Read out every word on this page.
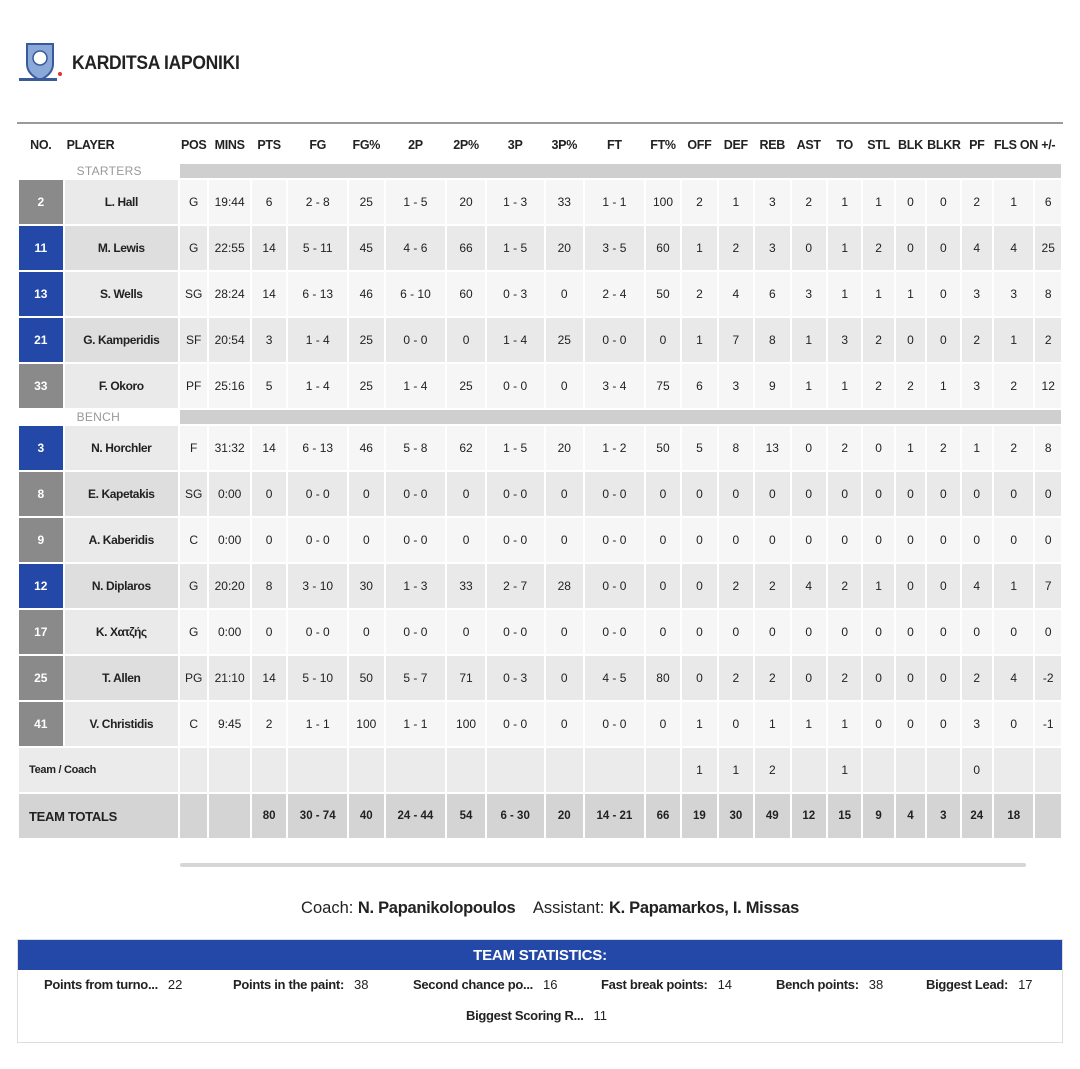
KARDITSA IAPONIKI
NO.	PLAYER	POS	MINS	PTS	FG	FG%	2P	2P%	3P	3P%	FT	FT%	OFF	DEF	REB	AST	TO	STL	BLK	BLKR	PF	FLS ON	+/-
	STARTERS																						
2	L. Hall	G	19:44	6	2 - 8	25	1 - 5	20	1 - 3	33	1 - 1	100	2	1	3	2	1	1	0	0	2	1	6
11	M. Lewis	G	22:55	14	5 - 11	45	4 - 6	66	1 - 5	20	3 - 5	60	1	2	3	0	1	2	0	0	4	4	25
13	S. Wells	SG	28:24	14	6 - 13	46	6 - 10	60	0 - 3	0	2 - 4	50	2	4	6	3	1	1	1	0	3	3	8
21	G. Kamperidis	SF	20:54	3	1 - 4	25	0 - 0	0	1 - 4	25	0 - 0	0	1	7	8	1	3	2	0	0	2	1	2
33	F. Okoro	PF	25:16	5	1 - 4	25	1 - 4	25	0 - 0	0	3 - 4	75	6	3	9	1	1	2	2	1	3	2	12
	BENCH																						
3	N. Horchler	F	31:32	14	6 - 13	46	5 - 8	62	1 - 5	20	1 - 2	50	5	8	13	0	2	0	1	2	1	2	8
8	E. Kapetakis	SG	0:00	0	0 - 0	0	0 - 0	0	0 - 0	0	0 - 0	0	0	0	0	0	0	0	0	0	0	0	0
9	A. Kaberidis	C	0:00	0	0 - 0	0	0 - 0	0	0 - 0	0	0 - 0	0	0	0	0	0	0	0	0	0	0	0	0
12	N. Diplaros	G	20:20	8	3 - 10	30	1 - 3	33	2 - 7	28	0 - 0	0	0	2	2	4	2	1	0	0	4	1	7
17	K. Χατζής	G	0:00	0	0 - 0	0	0 - 0	0	0 - 0	0	0 - 0	0	0	0	0	0	0	0	0	0	0	0	0
25	T. Allen	PG	21:10	14	5 - 10	50	5 - 7	71	0 - 3	0	4 - 5	80	0	2	2	0	2	0	0	0	2	4	-2
41	V. Christidis	C	9:45	2	1 - 1	100	1 - 1	100	0 - 0	0	0 - 0	0	1	0	1	1	1	0	0	0	3	0	-1
Team / Coach													1	1	2		1				0		
TEAM TOTALS				80	30 - 74	40	24 - 44	54	6 - 30	20	14 - 21	66	19	30	49	12	15	9	4	3	24	18	
Coach: N. Papanikolopoulos Assistant: K. Papamarkos, I. Missas
TEAM STATISTICS:
Points from turno... 22	Points in the paint: 38	Second chance po... 16	Fast break points: 14	Bench points: 38	Biggest Lead: 17
Biggest Scoring R... 11
